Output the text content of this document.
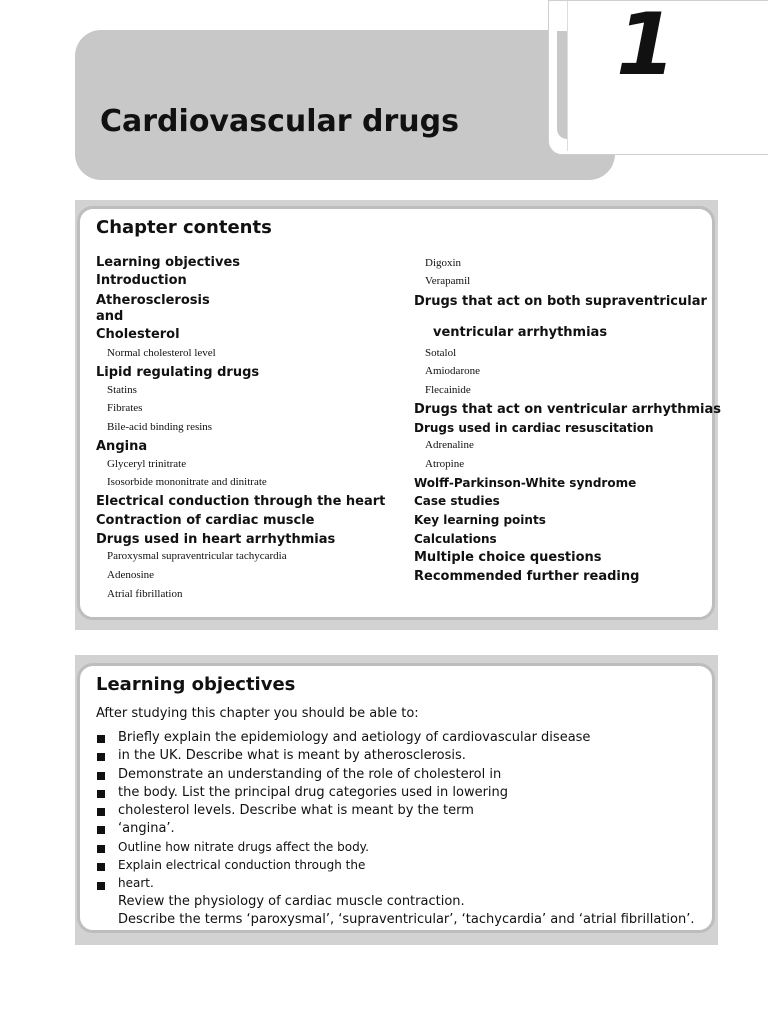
Cardiovascular drugs
1
Chapter contents
Learning objectives
Introduction
Atherosclerosis
and
Cholesterol
Normal cholesterol level
Lipid regulating drugs
Statins
Fibrates
Bile-acid binding resins
Angina
Glyceryl trinitrate
Isosorbide mononitrate and dinitrate
Electrical conduction through the heart
Contraction of cardiac muscle
Drugs used in heart arrhythmias
Paroxysmal supraventricular tachycardia
Adenosine
Atrial fibrillation
Digoxin
Verapamil
Drugs that act on both supraventricular
ventricular arrhythmias
Sotalol
Amiodarone
Flecainide
Drugs that act on ventricular arrhythmias
Drugs used in cardiac resuscitation
Adrenaline
Atropine
Wolff-Parkinson-White syndrome
Case studies
Key learning points
Calculations
Multiple choice questions
Recommended further reading
Learning objectives
After studying this chapter you should be able to:
Briefly explain the epidemiology and aetiology of cardiovascular disease
in the UK. Describe what is meant by atherosclerosis.
Demonstrate an understanding of the role of cholesterol in
the body. List the principal drug categories used in lowering
cholesterol levels. Describe what is meant by the term
‘angina’.
Outline how nitrate drugs affect the body.
Explain electrical conduction through the
heart.
Review the physiology of cardiac muscle contraction.
Describe the terms ‘paroxysmal’, ‘supraventricular’, ‘tachycardia’ and ‘atrial fibrillation’.
